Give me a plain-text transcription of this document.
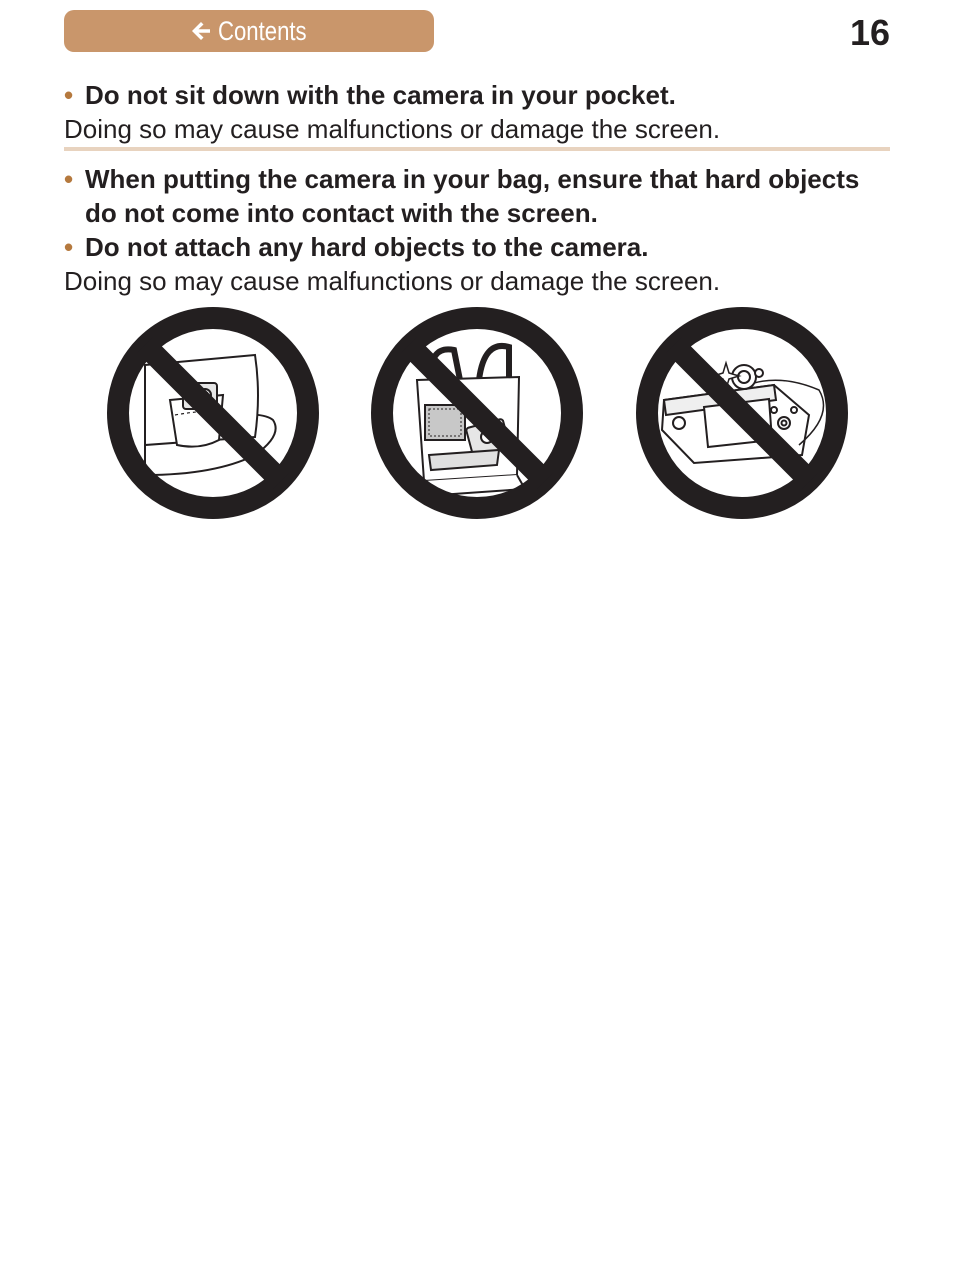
Contents	16
• Do not sit down with the camera in your pocket.
Doing so may cause malfunctions or damage the screen.
• When putting the camera in your bag, ensure that hard objects do not come into contact with the screen.
• Do not attach any hard objects to the camera.
Doing so may cause malfunctions or damage the screen.
